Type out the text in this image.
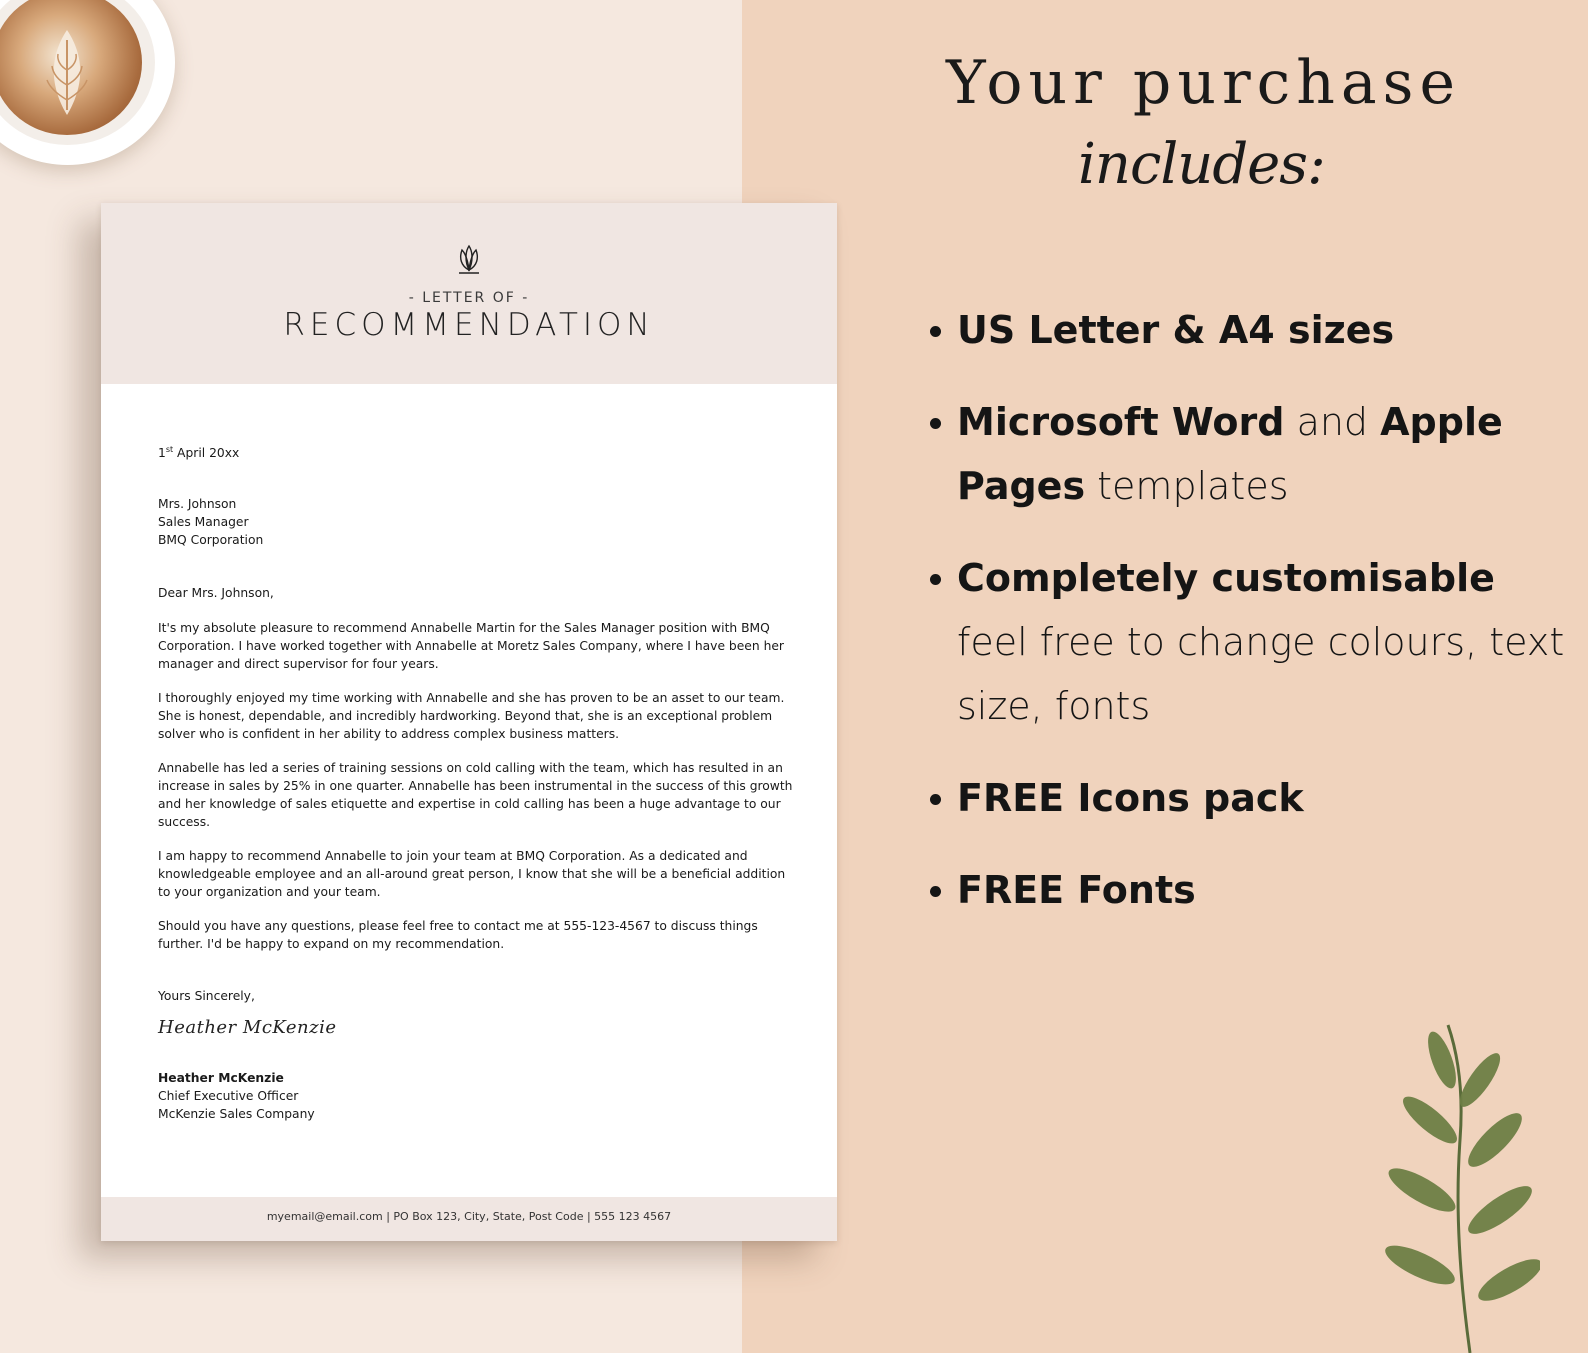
- LETTER OF -
RECOMMENDATION
1st April 20xx
Mrs. Johnson
Sales Manager
BMQ Corporation
Dear Mrs. Johnson,
It's my absolute pleasure to recommend Annabelle Martin for the Sales Manager position with BMQ Corporation. I have worked together with Annabelle at Moretz Sales Company, where I have been her manager and direct supervisor for four years.
I thoroughly enjoyed my time working with Annabelle and she has proven to be an asset to our team. She is honest, dependable, and incredibly hardworking. Beyond that, she is an exceptional problem solver who is confident in her ability to address complex business matters.
Annabelle has led a series of training sessions on cold calling with the team, which has resulted in an increase in sales by 25% in one quarter. Annabelle has been instrumental in the success of this growth and her knowledge of sales etiquette and expertise in cold calling has been a huge advantage to our success.
I am happy to recommend Annabelle to join your team at BMQ Corporation. As a dedicated and knowledgeable employee and an all-around great person, I know that she will be a beneficial addition to your organization and your team.
Should you have any questions, please feel free to contact me at 555-123-4567 to discuss things further. I'd be happy to expand on my recommendation.
Yours Sincerely,
Heather McKenzie
Heather McKenzie
Chief Executive Officer
McKenzie Sales Company
myemail@email.com | PO Box 123, City, State, Post Code | 555 123 4567
Your purchase
includes:
US Letter & A4 sizes
Microsoft Word and Apple Pages templates
Completely customisable
feel free to change colours, text size, fonts
FREE Icons pack
FREE Fonts
